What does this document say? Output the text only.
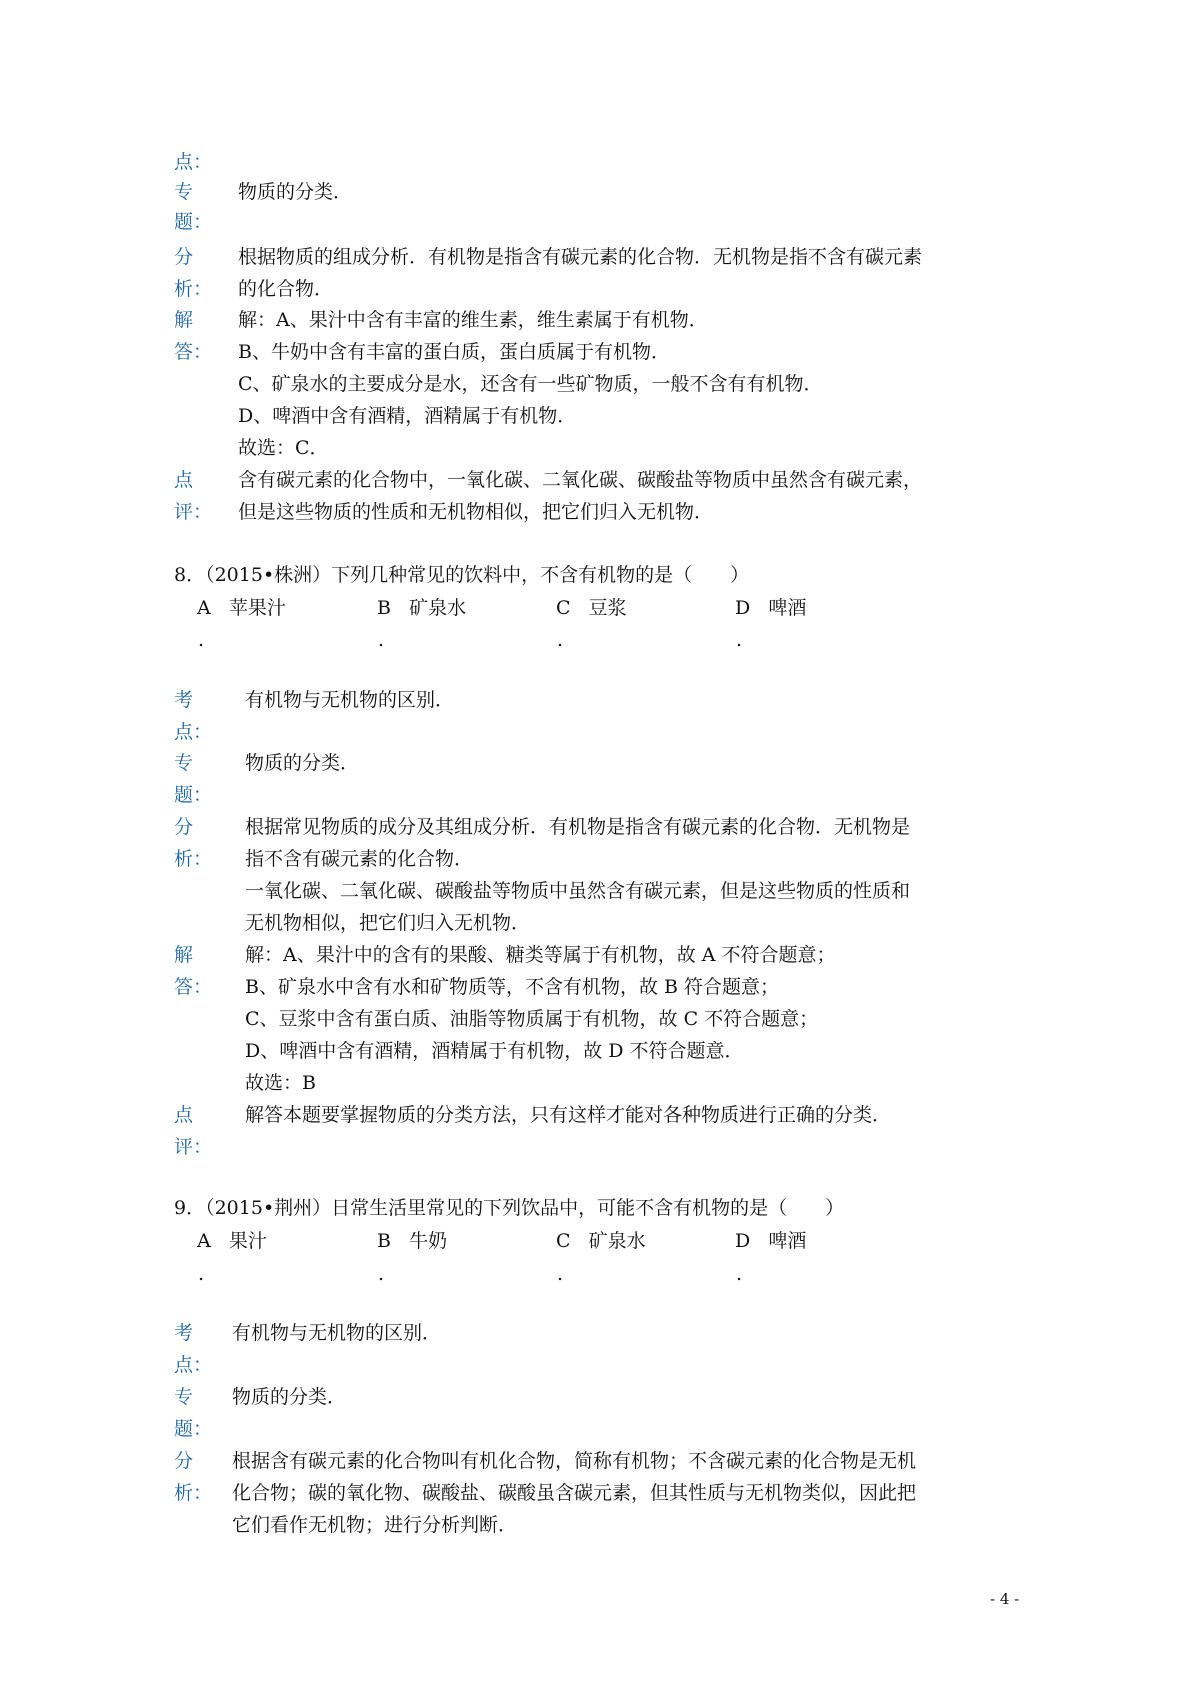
点：
专 物质的分类．
题：
分 根据物质的组成分析．有机物是指含有碳元素的化合物．无机物是指不含有碳元素
析： 的化合物．
解 解：A、果汁中含有丰富的维生素，维生素属于有机物．
答： B、牛奶中含有丰富的蛋白质，蛋白质属于有机物．
C、矿泉水的主要成分是水，还含有一些矿物质，一般不含有有机物．
D、啤酒中含有酒精，酒精属于有机物．
故选：C．
点 含有碳元素的化合物中，一氧化碳、二氧化碳、碳酸盐等物质中虽然含有碳元素，
评： 但是这些物质的性质和无机物相似，把它们归入无机物．
8．（2015•株洲）下列几种常见的饮料中，不含有机物的是（　　）
A 苹果汁	B 矿泉水	C 豆浆	D 啤酒
.	.	.	.
考	有机物与无机物的区别．
点：
专	物质的分类．
题：
分	根据常见物质的成分及其组成分析．有机物是指含有碳元素的化合物．无机物是
析： 指不含有碳元素的化合物．
一氧化碳、二氧化碳、碳酸盐等物质中虽然含有碳元素，但是这些物质的性质和
无机物相似，把它们归入无机物．
解	解：A、果汁中的含有的果酸、糖类等属于有机物，故 A 不符合题意；
答： B、矿泉水中含有水和矿物质等，不含有机物，故 B 符合题意；
C、豆浆中含有蛋白质、油脂等物质属于有机物，故 C 不符合题意；
D、啤酒中含有酒精，酒精属于有机物，故 D 不符合题意．
故选：B
点	解答本题要掌握物质的分类方法，只有这样才能对各种物质进行正确的分类．
评：
9．（2015•荆州）日常生活里常见的下列饮品中，可能不含有机物的是（　　）
A 果汁	B 牛奶	C 矿泉水	D 啤酒
.	.	.	.
考 有机物与无机物的区别．
点：
专 物质的分类．
题：
分 根据含有碳元素的化合物叫有机化合物，简称有机物；不含碳元素的化合物是无机
析： 化合物；碳的氧化物、碳酸盐、碳酸虽含碳元素，但其性质与无机物类似，因此把
它们看作无机物；进行分析判断．
- 4 -
